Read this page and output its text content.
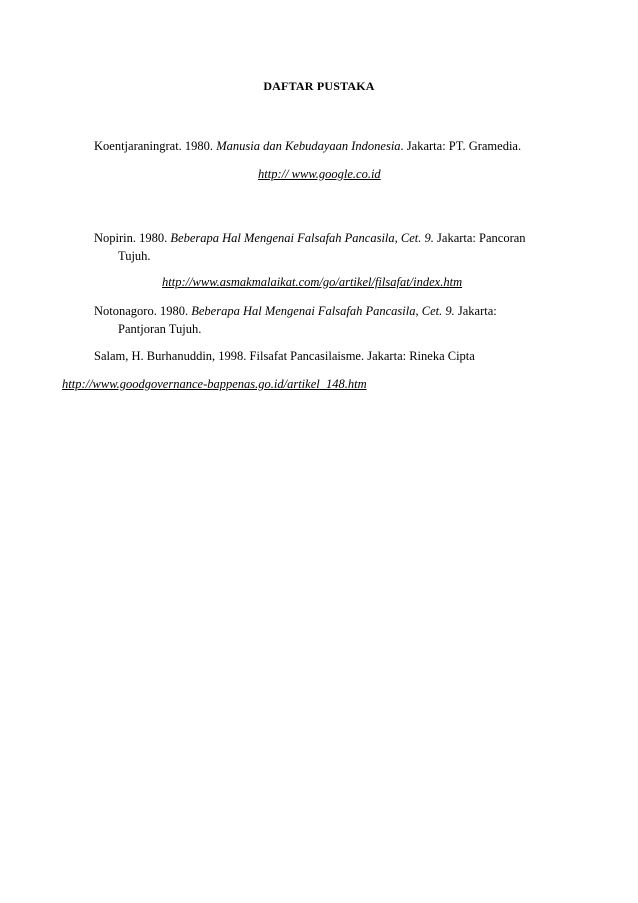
DAFTAR PUSTAKA
Koentjaraningrat. 1980. Manusia dan Kebudayaan Indonesia. Jakarta: PT. Gramedia.
http:// www.google.co.id
Nopirin. 1980. Beberapa Hal Mengenai Falsafah Pancasila, Cet. 9. Jakarta: Pancoran
Tujuh.
http://www.asmakmalaikat.com/go/artikel/filsafat/index.htm
Notonagoro. 1980. Beberapa Hal Mengenai Falsafah Pancasila, Cet. 9. Jakarta:
Pantjoran Tujuh.
Salam, H. Burhanuddin, 1998. Filsafat Pancasilaisme. Jakarta: Rineka Cipta
http://www.goodgovernance-bappenas.go.id/artikel_148.htm
